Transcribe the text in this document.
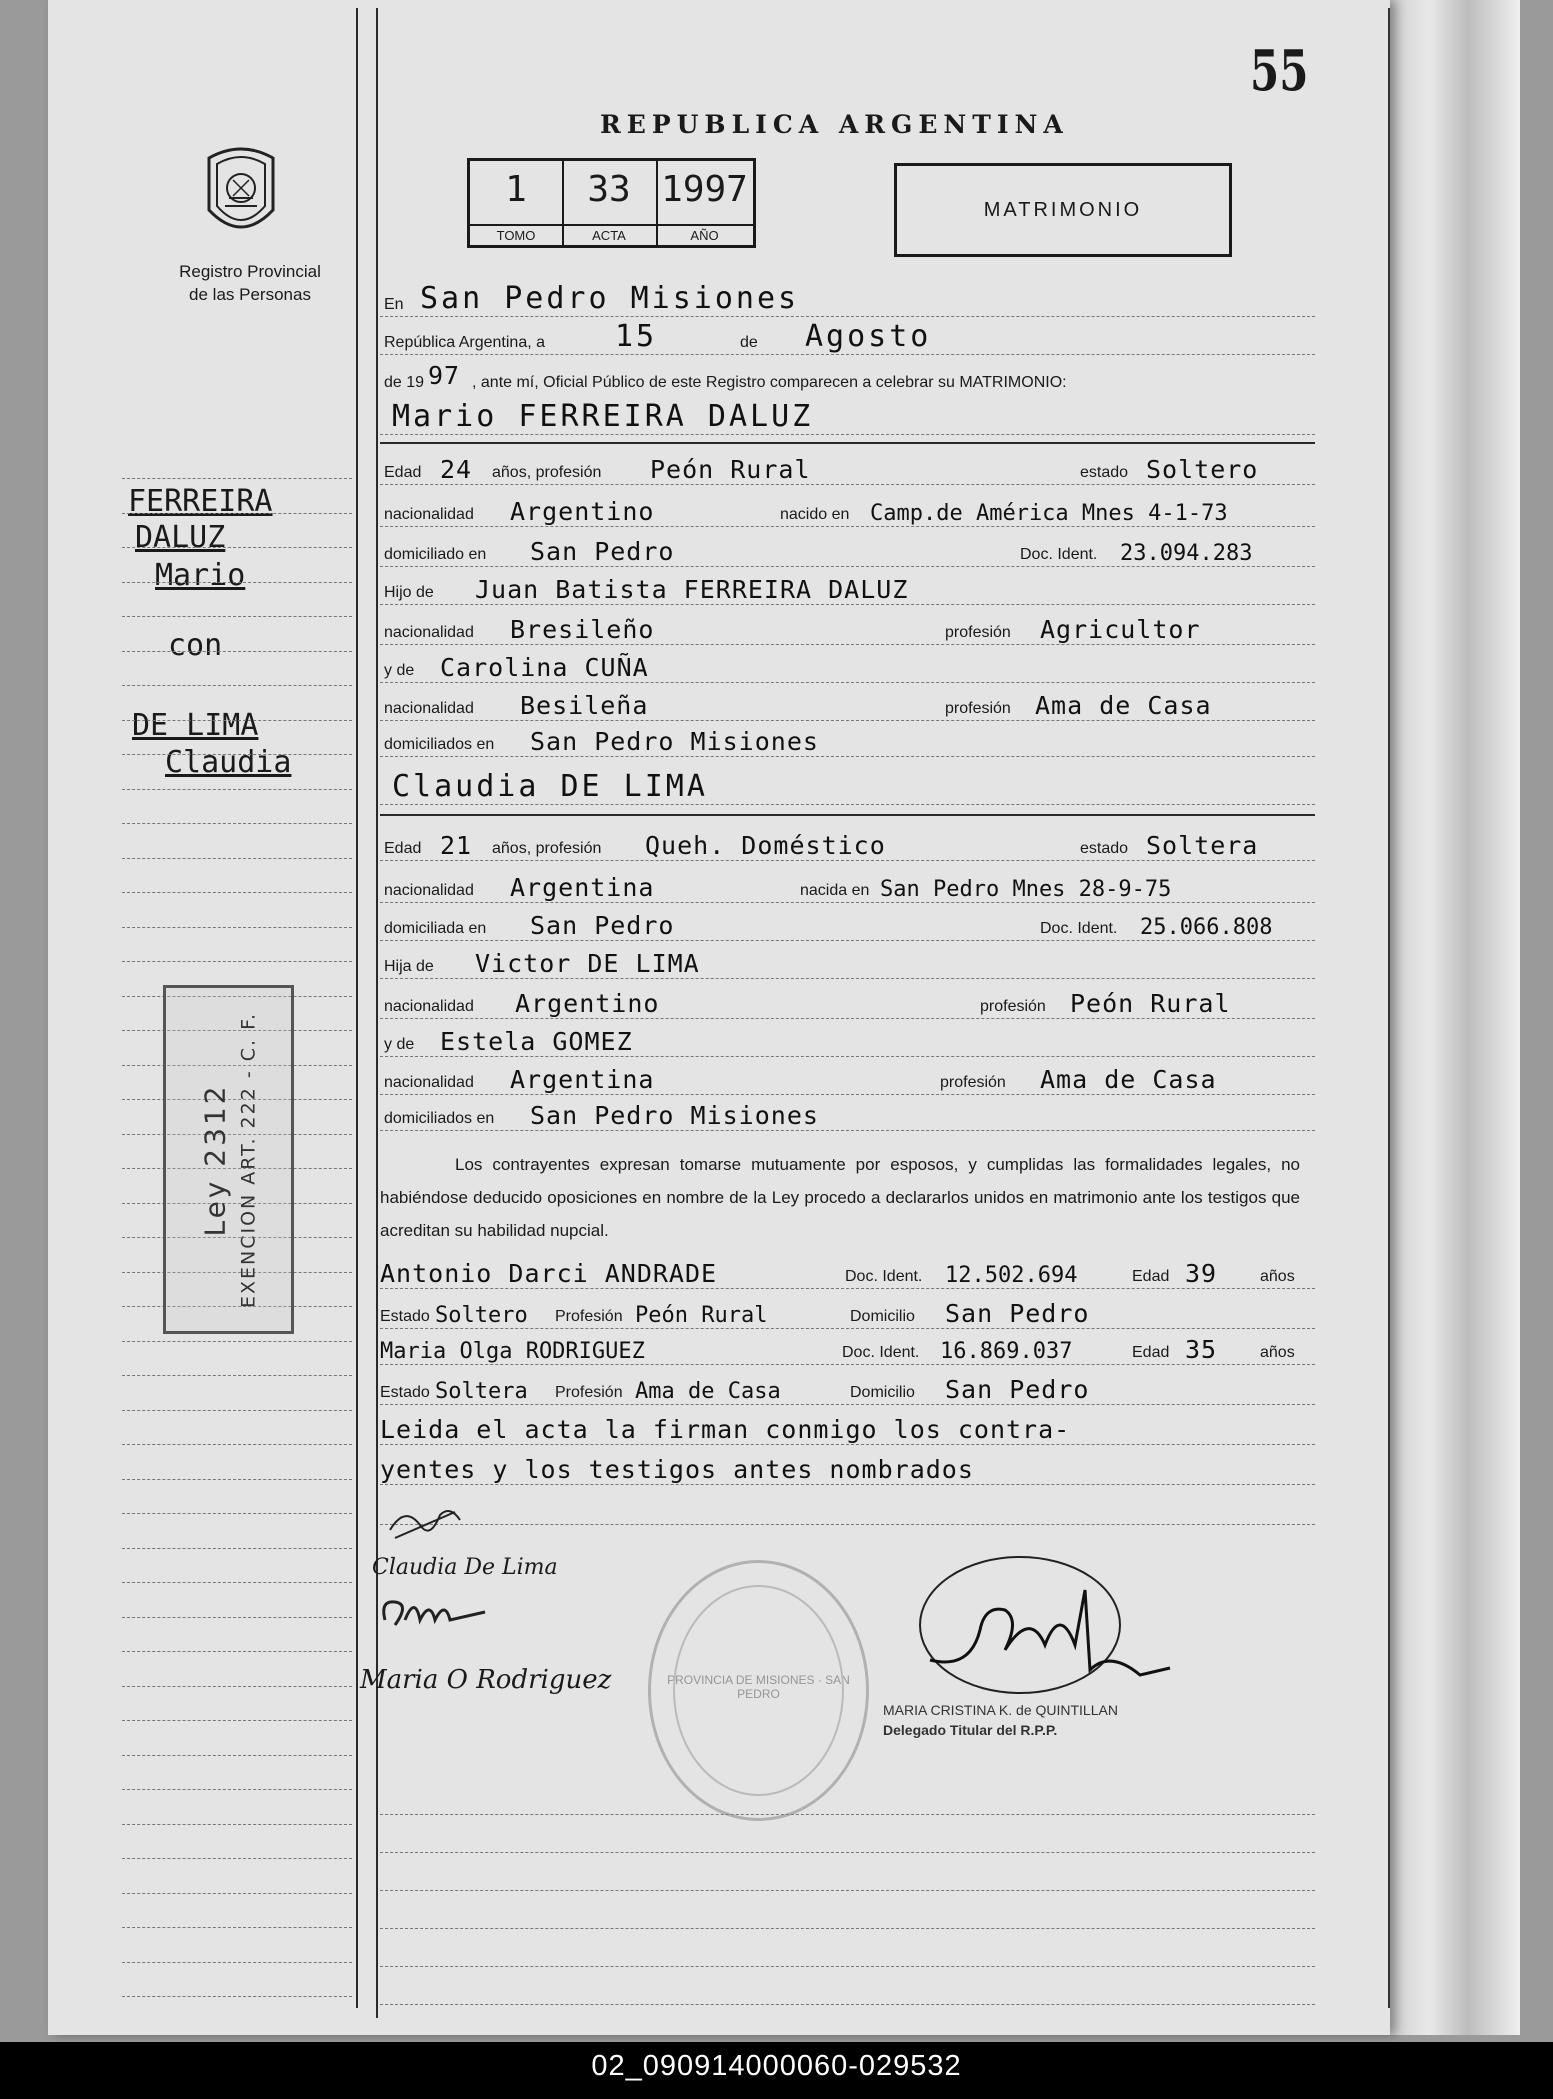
55
REPUBLICA ARGENTINA
1
TOMO
33
ACTA
1997
AÑO
MATRIMONIO
Registro Provincial
de las Personas
En San Pedro Misiones
República Argentina, a 15	de Agosto
de 19 97 , ante mí, Oficial Público de este Registro comparecen a celebrar su MATRIMONIO:
Mario FERREIRA DALUZ
Edad 24 años, profesión Peón Rural	estado Soltero
nacionalidad Argentino	nacido en Camp.de América Mnes 4-1-73
domiciliado en San Pedro	Doc. Ident. 23.094.283
Hijo de Juan Batista FERREIRA DALUZ
nacionalidad Bresileño	profesión Agricultor
y de Carolina CUÑA
nacionalidad Besileña	profesión Ama de Casa
domiciliados en San Pedro Misiones
Claudia DE LIMA
Edad 21 años, profesión Queh. Doméstico	estado Soltera
nacionalidad Argentina	nacida en San Pedro Mnes 28-9-75
domiciliada en San Pedro	Doc. Ident. 25.066.808
Hija de Victor DE LIMA
nacionalidad Argentino	profesión Peón Rural
y de Estela GOMEZ
nacionalidad Argentina	profesión Ama de Casa
domiciliados en San Pedro Misiones
Los contrayentes expresan tomarse mutuamente por esposos, y cumplidas las formalidades legales, no habiéndose deducido oposiciones en nombre de la Ley procedo a declararlos unidos en matrimonio ante los testigos que acreditan su habilidad nupcial.
Antonio Darci ANDRADE	Doc. Ident. 12.502.694	Edad 39	años
Estado Soltero Profesión Peón Rural	Domicilio San Pedro
Maria Olga RODRIGUEZ	Doc. Ident. 16.869.037	Edad 35	años
Estado Soltera Profesión Ama de Casa	Domicilio San Pedro
Leida el acta la firman conmigo los contra-
yentes y los testigos antes nombrados
Claudia De Lima
Maria O Rodriguez	PROVINCIA DE MISIONES · SAN PEDRO
MARIA CRISTINA K. de QUINTILLAN
Delegado Titular del R.P.P.
FERREIRA
DALUZ
Mario
con
DE LIMA
Claudia
Ley 2312 EXENCION ART. 222 - C. F.
02_090914000060-029532
